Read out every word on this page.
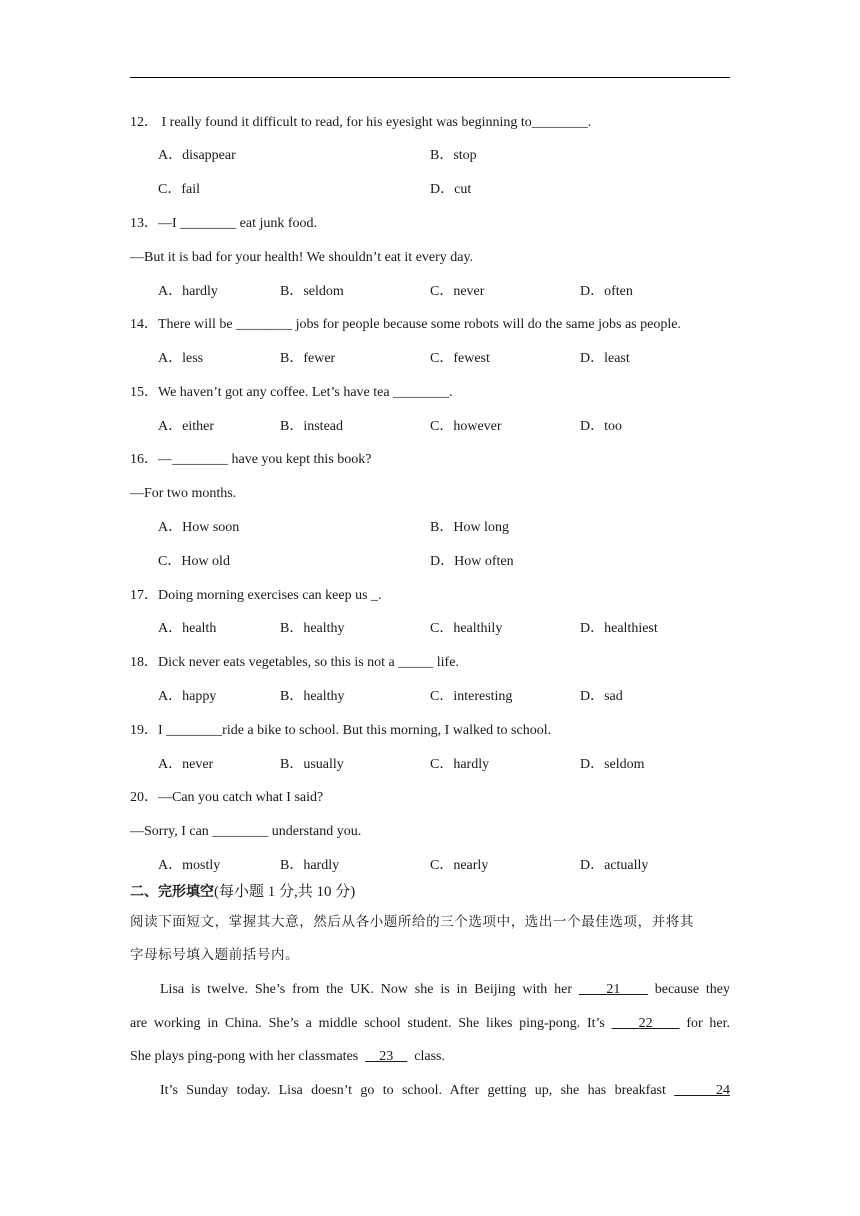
12． I really found it difficult to read, for his eyesight was beginning to________.
A．disappear	B．stop
C．fail	D．cut
13．—I ________ eat junk food.
—But it is bad for your health! We shouldn’t eat it every day.
A．hardly	B．seldom	C．never	D．often
14．There will be ________ jobs for people because some robots will do the same jobs as people.
A．less	B．fewer	C．fewest	D．least
15．We haven’t got any coffee. Let’s have tea ________.
A．either	B．instead	C．however	D．too
16．—________ have you kept this book?
—For two months.
A．How soon	B．How long
C．How old	D．How often
17．Doing morning exercises can keep us _.
A．health	B．healthy	C．healthily	D．healthiest
18．Dick never eats vegetables, so this is not a _____ life.
A．happy	B．healthy	C．interesting	D．sad
19．I ________ride a bike to school. But this morning, I walked to school.
A．never	B．usually	C．hardly	D．seldom
20．—Can you catch what I said?
—Sorry, I can ________ understand you.
A．mostly	B．hardly	C．nearly	D．actually
二、完形填空(每小题 1 分,共 10 分)
阅读下面短文，掌握其大意，然后从各小题所给的三个选项中，选出一个最佳选项，并将其
字母标号填入题前括号内。
Lisa is twelve. She’s from the UK. Now she is in Beijing with her 21 because they
are working in China. She’s a middle school student. She likes ping-pong. It’s 22 for her.
She plays ping-pong with her classmates 23 class.
It’s Sunday today. Lisa doesn’t go to school. After getting up, she has breakfast	24
